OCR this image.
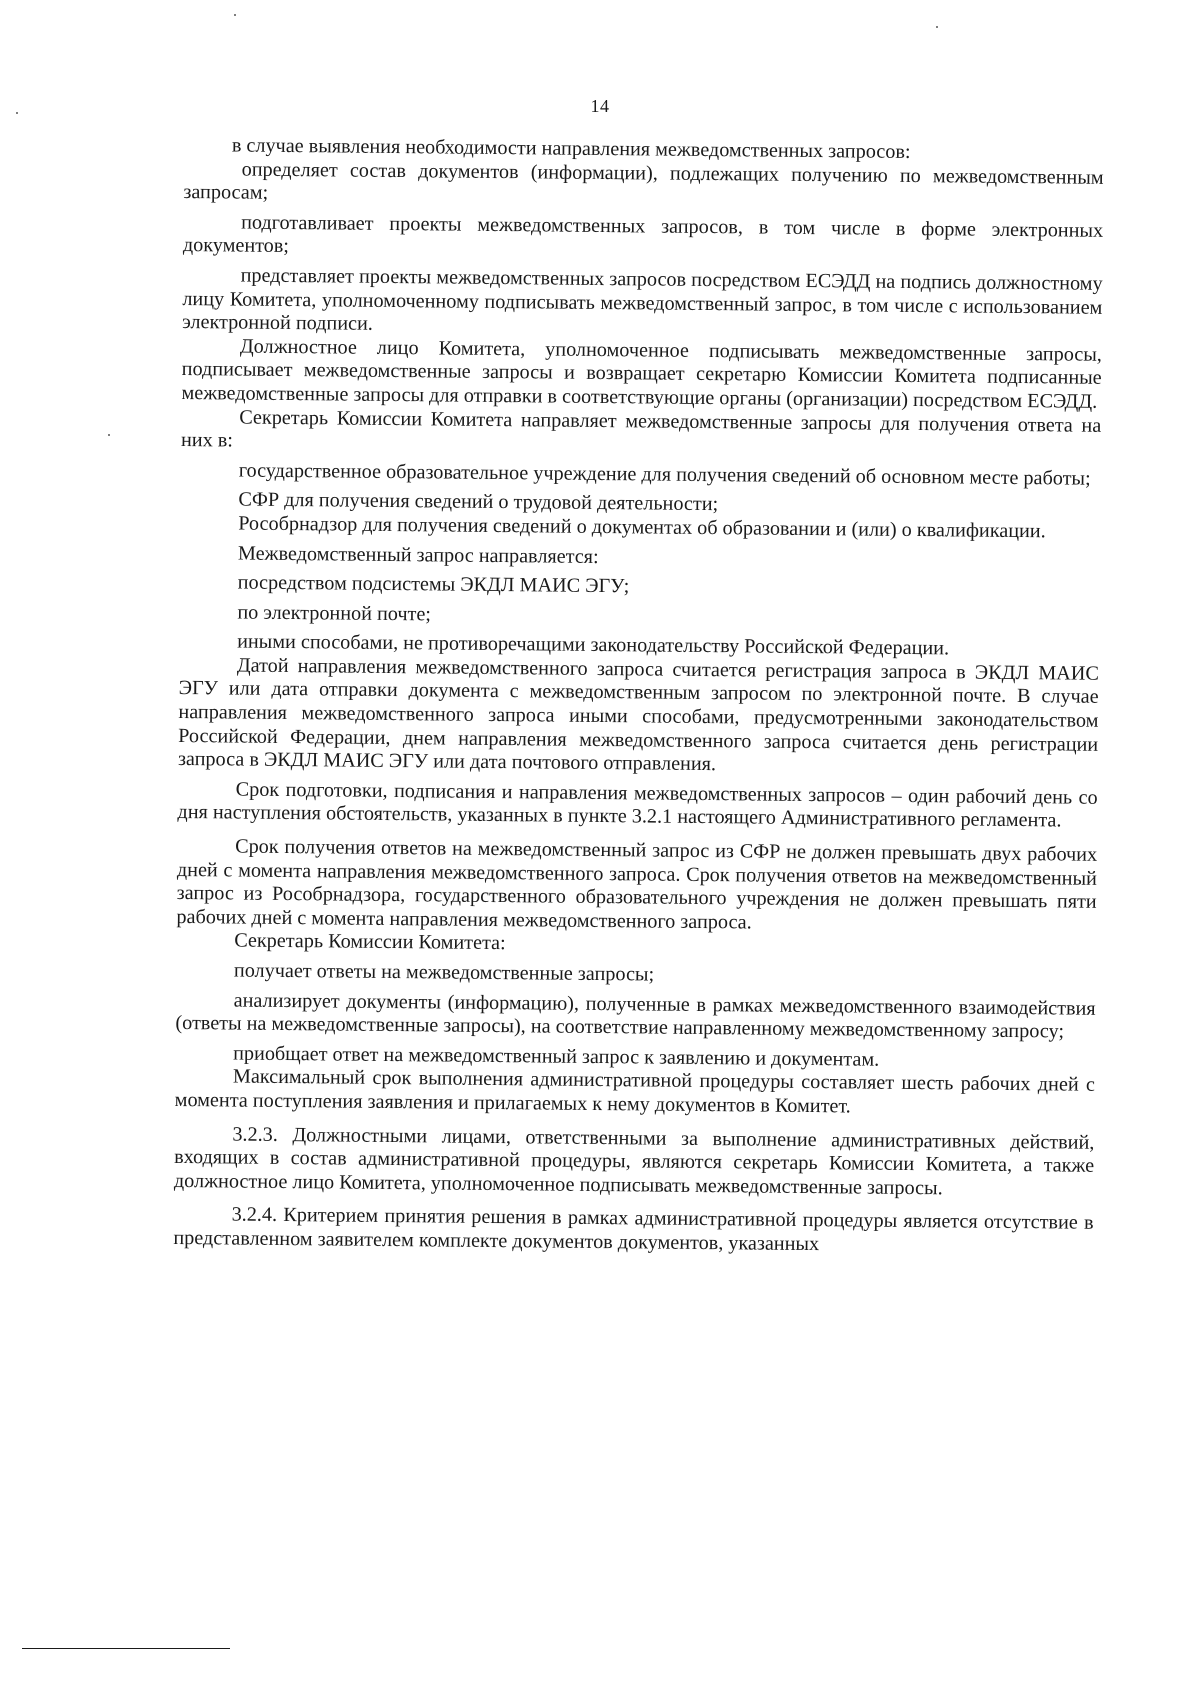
14

в случае выявления необходимости направления межведомственных запросов:

определяет состав документов (информации), подлежащих получению по межведомственным запросам;

подготавливает проекты межведомственных запросов, в том числе в форме электронных документов;

представляет проекты межведомственных запросов посредством ЕСЭДД на подпись должностному лицу Комитета, уполномоченному подписывать межведомственный запрос, в том числе с использованием электронной подписи.

Должностное лицо Комитета, уполномоченное подписывать межведомственные запросы, подписывает межведомственные запросы и возвращает секретарю Комиссии Комитета подписанные межведомственные запросы для отправки в соответствующие органы (организации) посредством ЕСЭДД.

Секретарь Комиссии Комитета направляет межведомственные запросы для получения ответа на них в:

государственное образовательное учреждение для получения сведений об основном месте работы;

СФР для получения сведений о трудовой деятельности;

Рособрнадзор для получения сведений о документах об образовании и (или) о квалификации.

Межведомственный запрос направляется:

посредством подсистемы ЭКДЛ МАИС ЭГУ;

по электронной почте;

иными способами, не противоречащими законодательству Российской Федерации.

Датой направления межведомственного запроса считается регистрация запроса в ЭКДЛ МАИС ЭГУ или дата отправки документа с межведомственным запросом по электронной почте. В случае направления межведомственного запроса иными способами, предусмотренными законодательством Российской Федерации, днем направления межведомственного запроса считается день регистрации запроса в ЭКДЛ МАИС ЭГУ или дата почтового отправления.

Срок подготовки, подписания и направления межведомственных запросов – один рабочий день со дня наступления обстоятельств, указанных в пункте 3.2.1 настоящего Административного регламента.

Срок получения ответов на межведомственный запрос из СФР не должен превышать двух рабочих дней с момента направления межведомственного запроса. Срок получения ответов на межведомственный запрос из Рособрнадзора, государственного образовательного учреждения не должен превышать пяти рабочих дней с момента направления межведомственного запроса.

Секретарь Комиссии Комитета:

получает ответы на межведомственные запросы;

анализирует документы (информацию), полученные в рамках межведомственного взаимодействия (ответы на межведомственные запросы), на соответствие направленному межведомственному запросу;

приобщает ответ на межведомственный запрос к заявлению и документам.

Максимальный срок выполнения административной процедуры составляет шесть рабочих дней с момента поступления заявления и прилагаемых к нему документов в Комитет.

3.2.3. Должностными лицами, ответственными за выполнение административных действий, входящих в состав административной процедуры, являются секретарь Комиссии Комитета, а также должностное лицо Комитета, уполномоченное подписывать межведомственные запросы.

3.2.4. Критерием принятия решения в рамках административной процедуры является отсутствие в представленном заявителем комплекте документов документов, указанных
